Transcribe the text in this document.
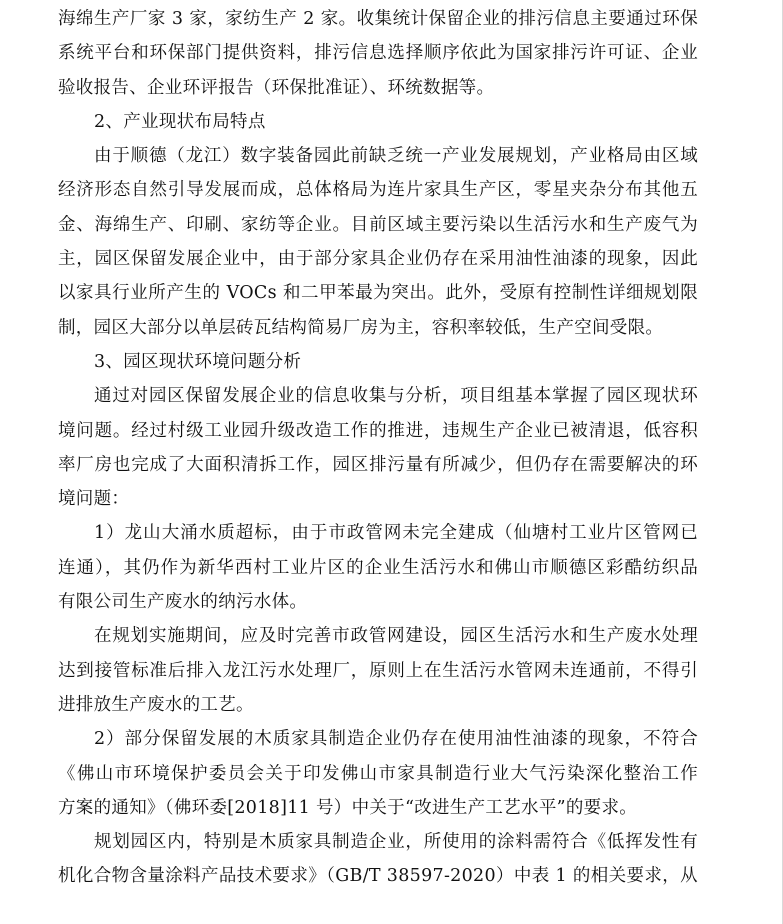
海绵生产厂家 3 家，家纺生产 2 家。收集统计保留企业的排污信息主要通过环保
系统平台和环保部门提供资料，排污信息选择顺序依此为国家排污许可证、企业
验收报告、企业环评报告（环保批准证）、环统数据等。
2、产业现状布局特点
由于顺德（龙江）数字装备园此前缺乏统一产业发展规划，产业格局由区域
经济形态自然引导发展而成，总体格局为连片家具生产区，零星夹杂分布其他五
金、海绵生产、印刷、家纺等企业。目前区域主要污染以生活污水和生产废气为
主，园区保留发展企业中，由于部分家具企业仍存在采用油性油漆的现象，因此
以家具行业所产生的 VOCs 和二甲苯最为突出。此外，受原有控制性详细规划限
制，园区大部分以单层砖瓦结构简易厂房为主，容积率较低，生产空间受限。
3、园区现状环境问题分析
通过对园区保留发展企业的信息收集与分析，项目组基本掌握了园区现状环
境问题。经过村级工业园升级改造工作的推进，违规生产企业已被清退，低容积
率厂房也完成了大面积清拆工作，园区排污量有所减少，但仍存在需要解决的环
境问题：
1）龙山大涌水质超标，由于市政管网未完全建成（仙塘村工业片区管网已
连通），其仍作为新华西村工业片区的企业生活污水和佛山市顺德区彩酷纺织品
有限公司生产废水的纳污水体。
在规划实施期间，应及时完善市政管网建设，园区生活污水和生产废水处理
达到接管标准后排入龙江污水处理厂，原则上在生活污水管网未连通前，不得引
进排放生产废水的工艺。
2）部分保留发展的木质家具制造企业仍存在使用油性油漆的现象，不符合
《佛山市环境保护委员会关于印发佛山市家具制造行业大气污染深化整治工作
方案的通知》（佛环委[2018]11 号）中关于“改进生产工艺水平”的要求。
规划园区内，特别是木质家具制造企业，所使用的涂料需符合《低挥发性有
机化合物含量涂料产品技术要求》（GB/T 38597-2020）中表 1 的相关要求，从
